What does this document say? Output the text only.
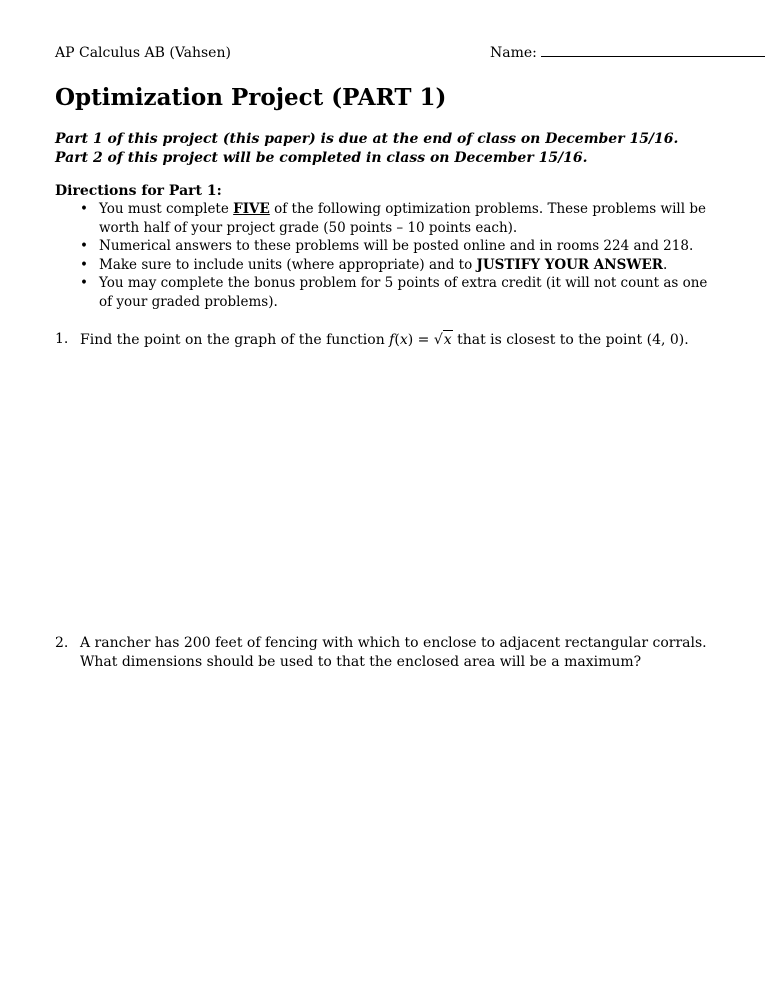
AP Calculus AB (Vahsen)	Name:
Optimization Project (PART 1)
Part 1 of this project (this paper) is due at the end of class on December 15/16. Part 2 of this project will be completed in class on December 15/16.
Directions for Part 1:
• You must complete FIVE of the following optimization problems. These problems will be worth half of your project grade (50 points – 10 points each).
• Numerical answers to these problems will be posted online and in rooms 224 and 218.
• Make sure to include units (where appropriate) and to JUSTIFY YOUR ANSWER.
• You may complete the bonus problem for 5 points of extra credit (it will not count as one of your graded problems).
1. Find the point on the graph of the function f(x) = √x that is closest to the point (4, 0).
2. A rancher has 200 feet of fencing with which to enclose to adjacent rectangular corrals. What dimensions should be used to that the enclosed area will be a maximum?
